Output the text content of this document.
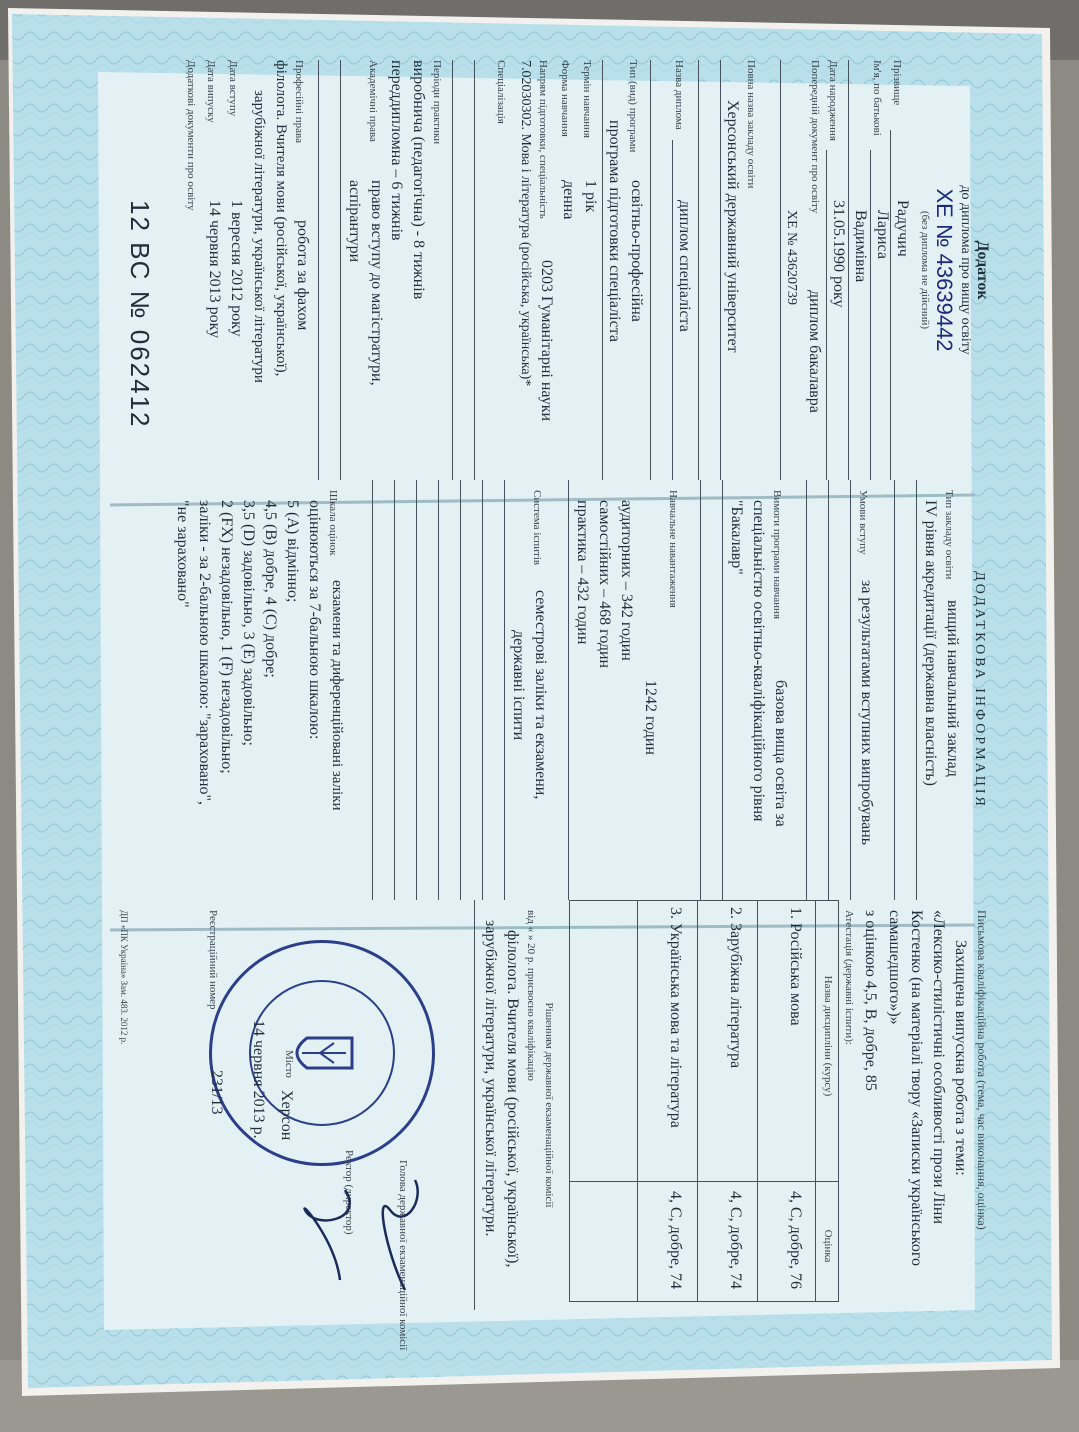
Додаток
до диплома про вищу освіту
ХЕ № 43639442
(без диплома не дійсний)
Прізвище
Радучич
Ім'я, по батькові
Лариса
Вадимівна
Дата народження
31.05.1990 року
Попередній документ про освіту
диплом бакалавра
ХЕ № 43620739
Повна назва закладу освіти
Херсонський державний університет
Назва диплома
диплом спеціаліста
Тип (вид) програми
освітньо-професійна
програма підготовки спеціаліста
Термін навчання
1 рік
Форма навчання
денна
Напрям підготовки, спеціальність
0203 Гуманітарні науки
7.02030302. Мова і література (російська, українська)*
Спеціалізація
Періоди практики
виробнича (педагогічна) - 8 тижнів
переддипломна – 6 тижнів
Академічні права
право вступу до магістратури,
аспірантури
Професійні права
робота за фахом
філолога. Вчителя мови (російської, української),
зарубіжної літератури, української літератури
Дата вступу
1 вересня 2012 року
Дата випуску
14 червня 2013 року
Додаткові документи про освіту
12 ВС № 062412
ДОДАТКОВА ІНФОРМАЦІЯ
Тип закладу освіти
вищий навчальний заклад
IV рівня акредитації (державна власність)
Умови вступу
за результатами вступних випробувань
Вимоги програми навчання
базова вища освіта за
спеціальністю освітньо-кваліфікаційного рівня
"Бакалавр"
Навчальне навантаження
1242 годин
аудиторних – 342 годин
самостійних – 468 годин
практика – 432 годин
Система іспитів
семестрові заліки та екзамени,
державні іспити
Шкала оцінок
екзамени та диференційовані заліки
оцінюються за 7-бальною шкалою:
5 (А) відмінно;
4,5 (В) добре, 4 (С) добре;
3,5 (D) задовільно, 3 (Е) задовільно;
2 (FX) незадовільно, 1 (F) незадовільно;
заліки - за 2-бальною шкалою: "зараховано",
"не зараховано"
Письмова кваліфікаційна робота (тема, час виконання, оцінка)
Захищена випускна робота з теми:
«Лексико-стилістичні особливості прози Ліни
Костенко (на матеріалі твору «Записки українського
самашедшого»)»
з оцінкою 4,5, В, добре, 85
Атестація (державні іспити):
Назва дисципліни (курсу)
Оцінка
1. Російська мова
4, С, добре, 76
2. Зарубіжна література
4, С, добре, 74
3. Українська мова та література
4, С, добре, 74
Рішенням державної екзаменаційної комісії
від « » 20 р. присвоєно кваліфікацію
філолога. Вчителя мови (російської, української),
зарубіжної літератури, української літератури.
Голова державної екзаменаційної комісії
Ректор (директор)
Місто
Херсон
14 червня 2013 р.
Реєстраційний номер
231/13
ДП «ПК Україна» Зам. 483. 2012 р.
